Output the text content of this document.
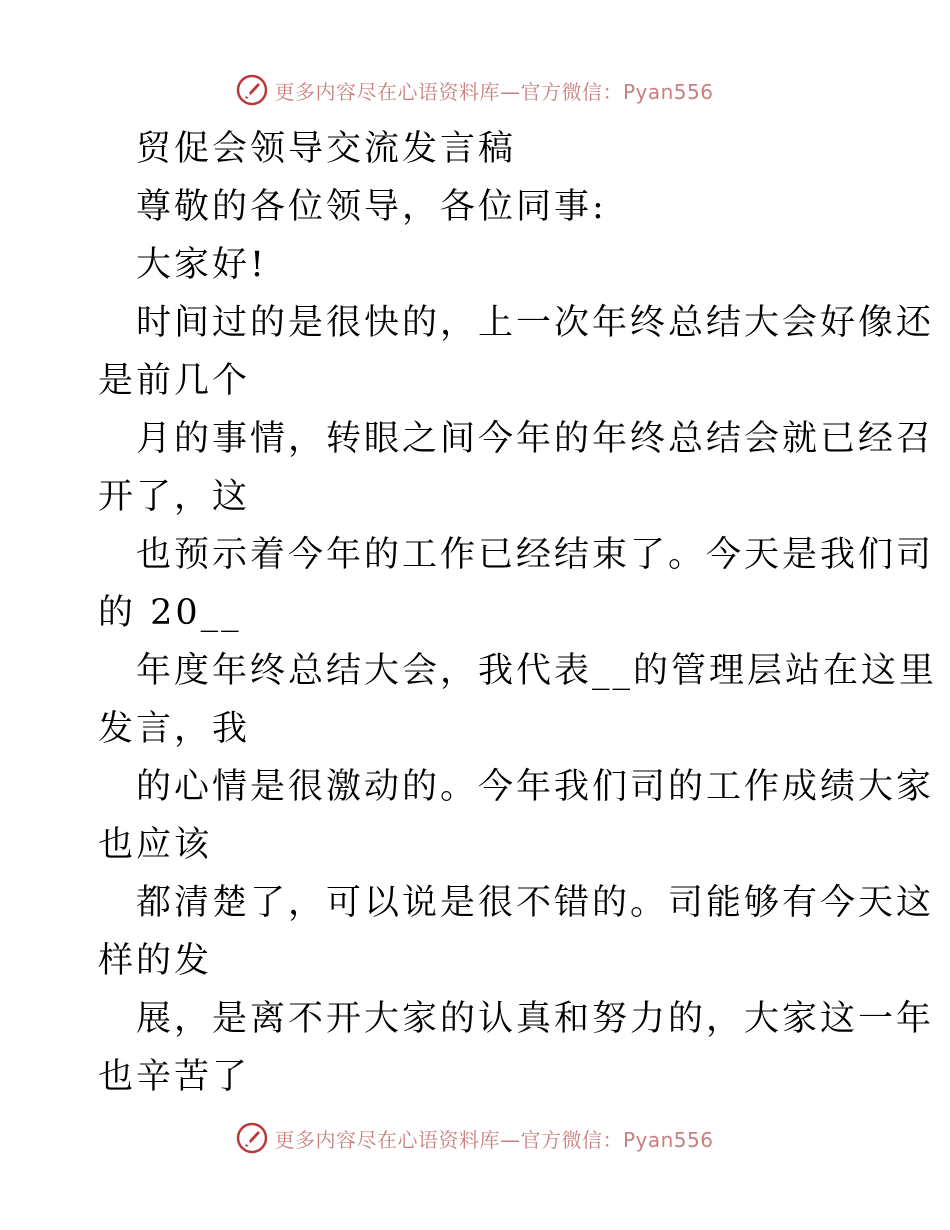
更多内容尽在心语资料库—官方微信：Pyan556
贸促会领导交流发言稿
尊敬的各位领导，各位同事:
大家好!
时间过的是很快的，上一次年终总结大会好像还
是前几个
月的事情，转眼之间今年的年终总结会就已经召
开了，这
也预示着今年的工作已经结束了。今天是我们司
的 20__
年度年终总结大会，我代表__的管理层站在这里
发言，我
的心情是很激动的。今年我们司的工作成绩大家
也应该
都清楚了，可以说是很不错的。司能够有今天这
样的发
展，是离不开大家的认真和努力的，大家这一年
也辛苦了
更多内容尽在心语资料库—官方微信：Pyan556
